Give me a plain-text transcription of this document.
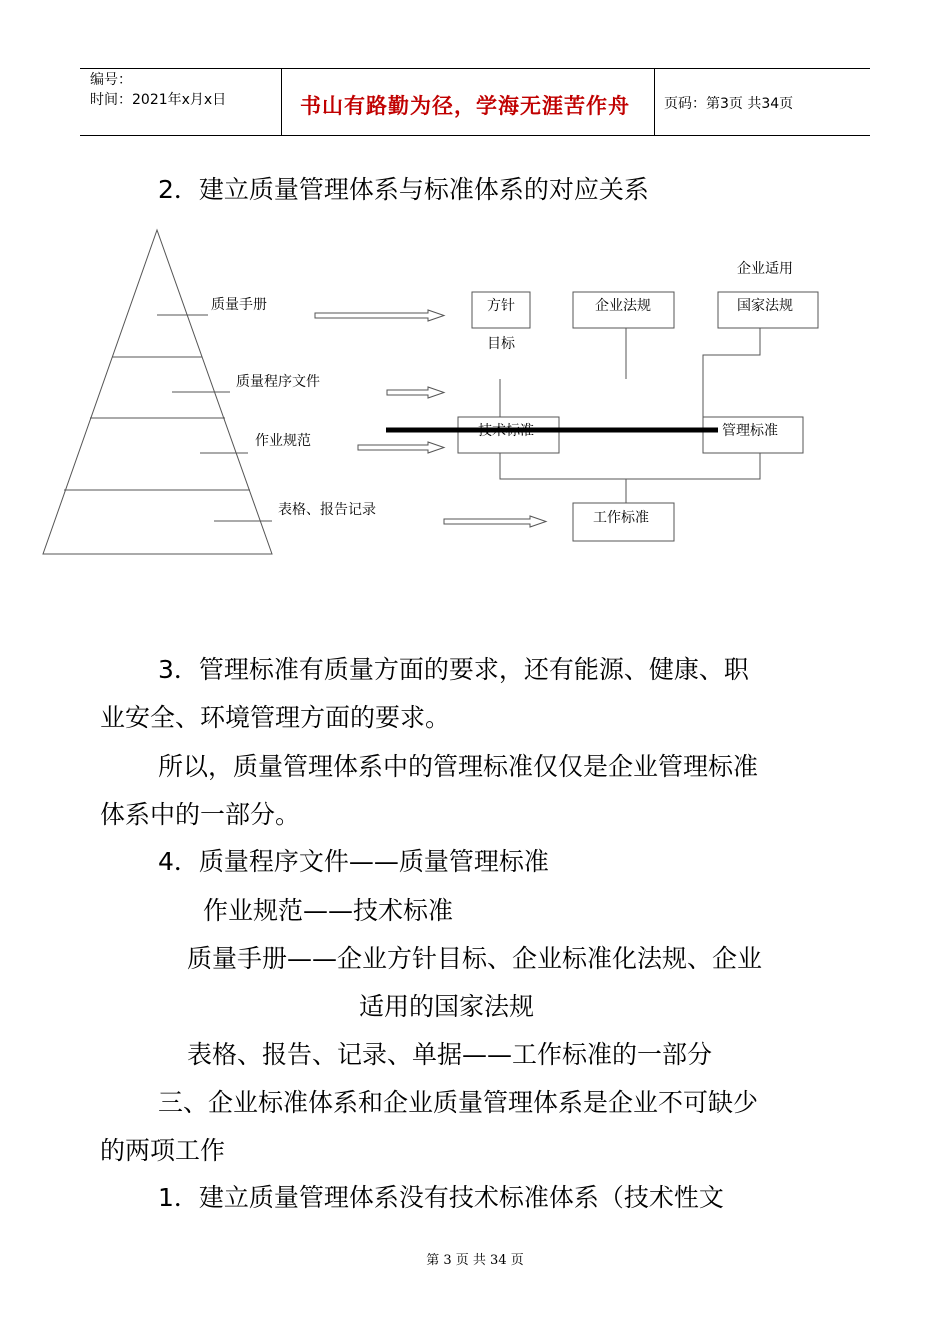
编号：
时间：2021年x月x日	书山有路勤为径，学海无涯苦作舟 页码：第3页 共34页
2．建立质量管理体系与标准体系的对应关系
质量手册
质量程序文件
作业规范
表格、报告记录
企业适用
方针
目标
企业法规	国家法规
技术标准	管理标准
工作标准
3．管理标准有质量方面的要求，还有能源、健康、职
业安全、环境管理方面的要求。
所以，质量管理体系中的管理标准仅仅是企业管理标准
体系中的一部分。
4．质量程序文件——质量管理标准
作业规范——技术标准
质量手册——企业方针目标、企业标准化法规、企业
适用的国家法规
表格、报告、记录、单据——工作标准的一部分
三、企业标准体系和企业质量管理体系是企业不可缺少
的两项工作
1．建立质量管理体系没有技术标准体系（技术性文
第 3 页 共 34 页
